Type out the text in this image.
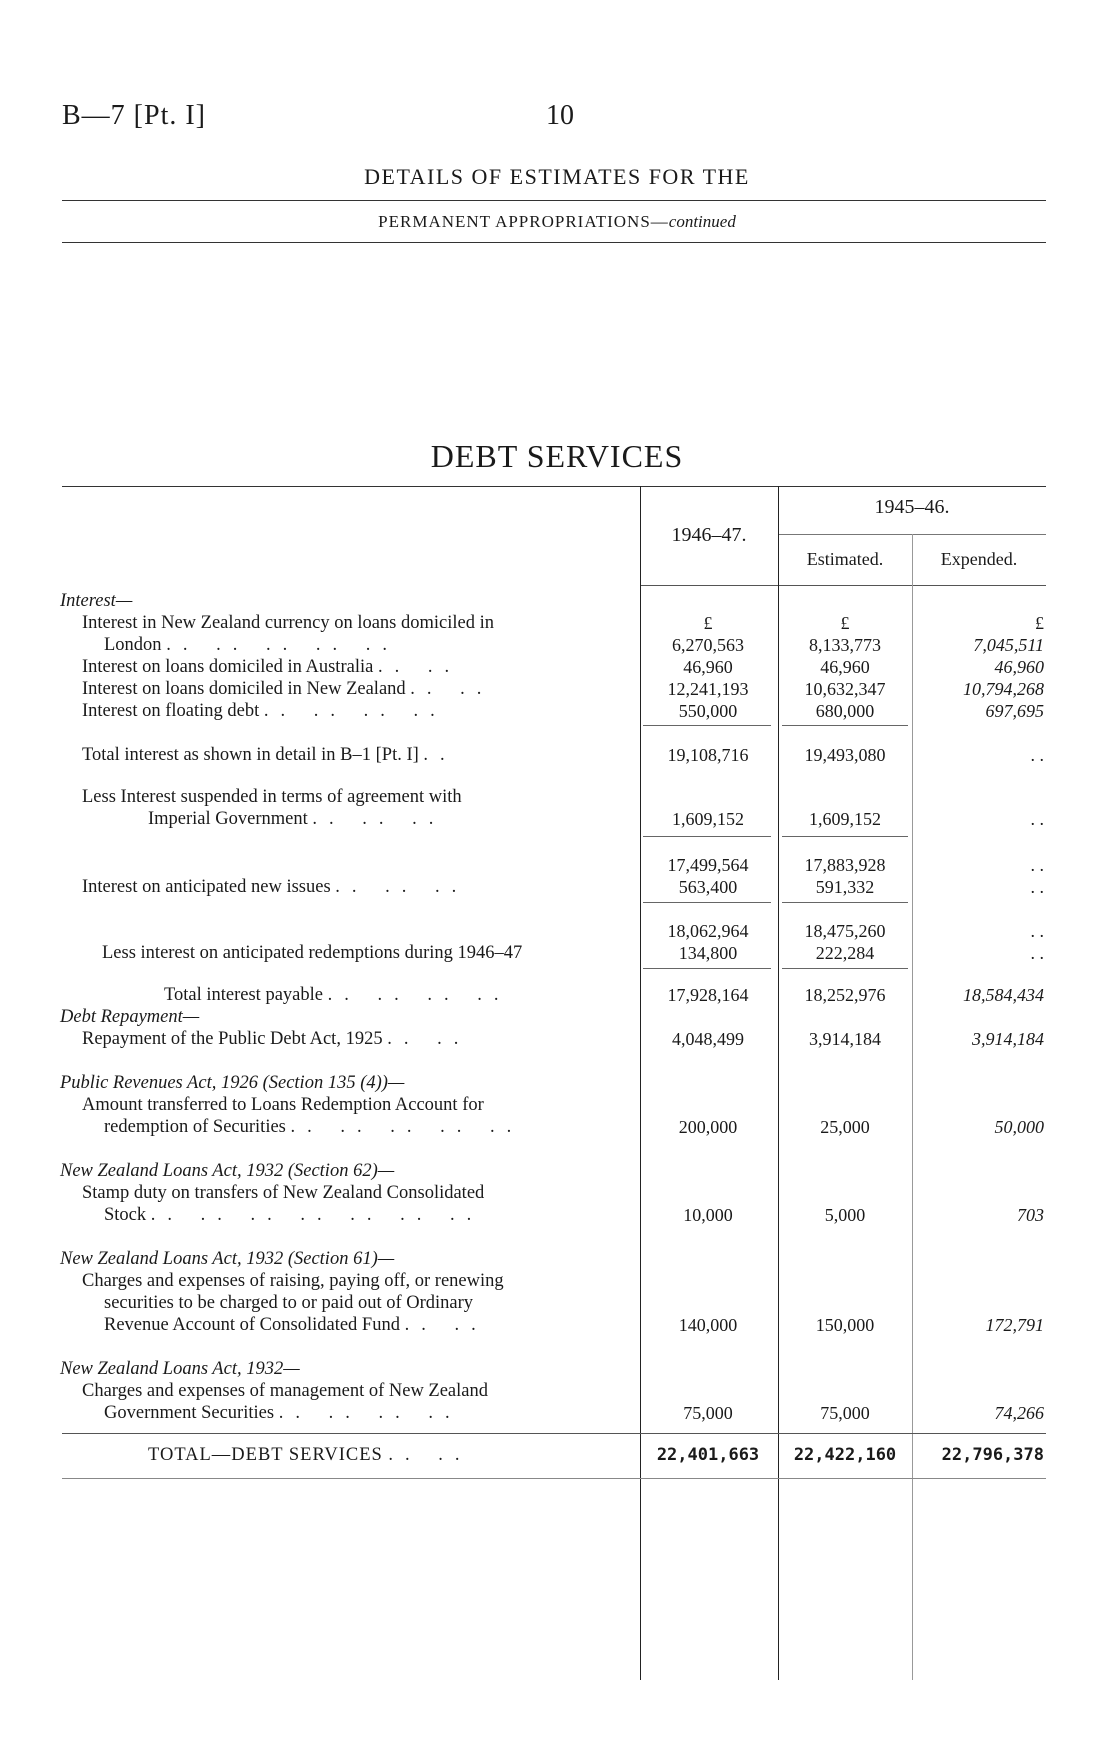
B—7 [Pt. I]	10
DETAILS OF ESTIMATES FOR THE
PERMANENT APPROPRIATIONS—continued
DEBT SERVICES
1946–47.
1945–46.
Estimated.	Expended.
Interest—
Interest in New Zealand currency on loans domiciled in
London .. .. .. .. ..
£	£	£
6,270,563	8,133,773	7,045,511
Interest on loans domiciled in Australia .. ..	46,960	46,960	46,960
Interest on loans domiciled in New Zealand .. ..	12,241,193	10,632,347	10,794,268
Interest on floating debt .. .. .. ..	550,000	680,000	697,695
Total interest as shown in detail in B–1 [Pt. I] ..	19,108,716	19,493,080	. .
Less Interest suspended in terms of agreement with
Imperial Government .. .. ..	1,609,152	1,609,152	. .
17,499,564	17,883,928	. .
Interest on anticipated new issues .. .. ..	563,400	591,332	. .
18,062,964	18,475,260	. .
Less interest on anticipated redemptions during 1946–47	134,800	222,284	. .
Total interest payable .. .. .. ..	17,928,164	18,252,976	18,584,434
Debt Repayment—
Repayment of the Public Debt Act, 1925 .. ..	4,048,499	3,914,184	3,914,184
Public Revenues Act, 1926 (Section 135 (4))—
Amount transferred to Loans Redemption Account for
redemption of Securities .. .. .. .. ..	200,000	25,000	50,000
New Zealand Loans Act, 1932 (Section 62)—
Stamp duty on transfers of New Zealand Consolidated
Stock .. .. .. .. .. .. ..	10,000	5,000	703
New Zealand Loans Act, 1932 (Section 61)—
Charges and expenses of raising, paying off, or renewing
securities to be charged to or paid out of Ordinary
Revenue Account of Consolidated Fund .. ..	140,000	150,000	172,791
New Zealand Loans Act, 1932—
Charges and expenses of management of New Zealand
Government Securities .. .. .. ..	75,000	75,000	74,266
TOTAL—DEBT SERVICES .. ..	22,401,663	22,422,160	22,796,378
